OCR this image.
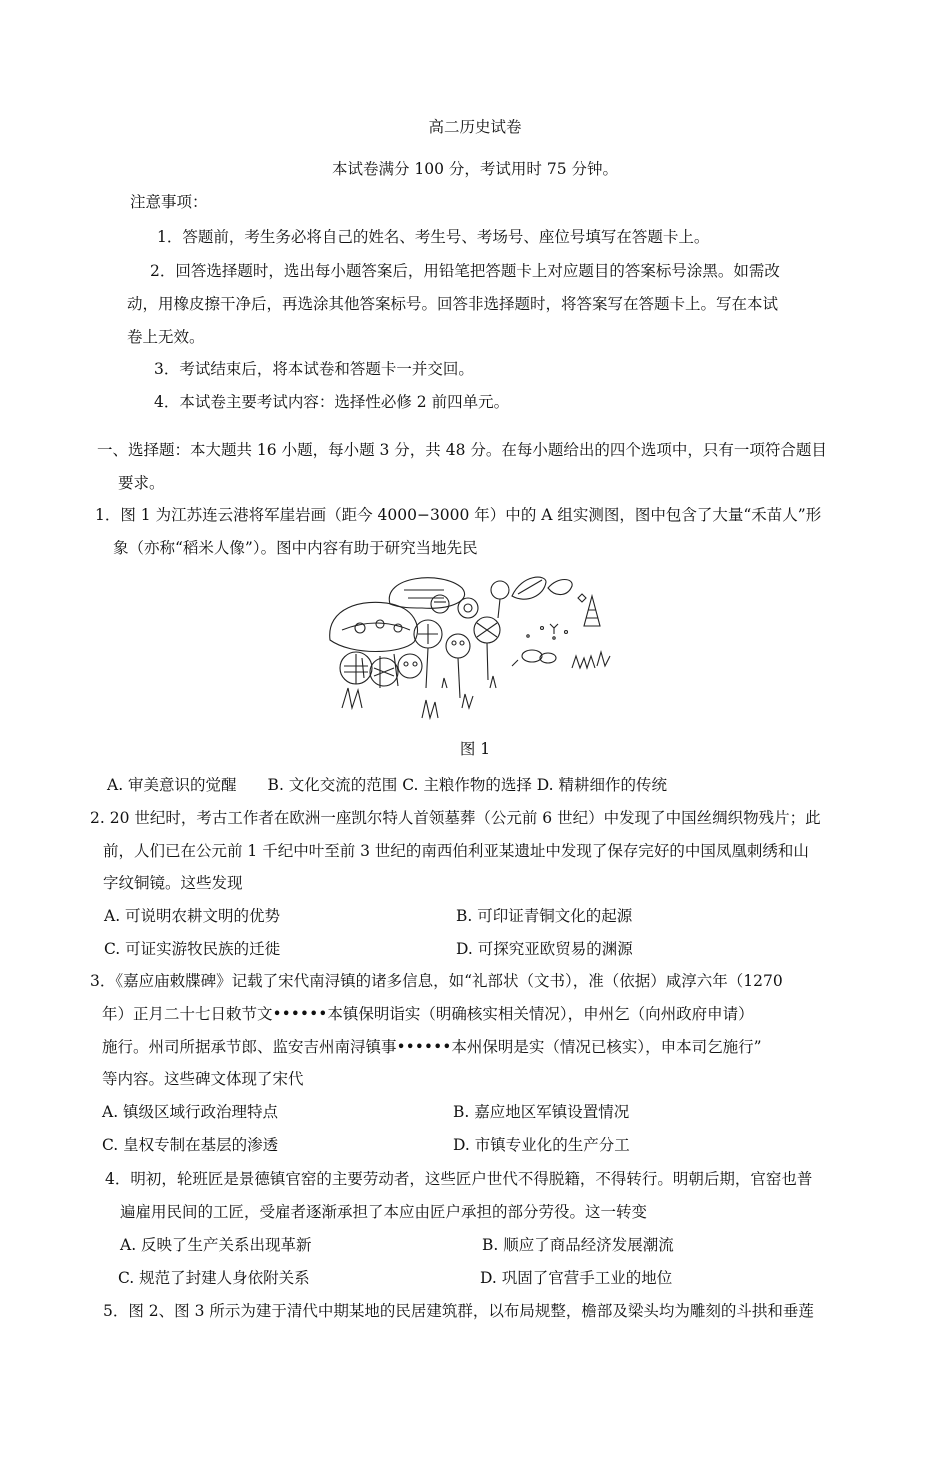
高二历史试卷
本试卷满分 100 分，考试用时 75 分钟。
注意事项：
1．答题前，考生务必将自己的姓名、考生号、考场号、座位号填写在答题卡上。
2．回答选择题时，选出每小题答案后，用铅笔把答题卡上对应题目的答案标号涂黑。如需改
动，用橡皮擦干净后，再选涂其他答案标号。回答非选择题时，将答案写在答题卡上。写在本试
卷上无效。
3．考试结束后，将本试卷和答题卡一并交回。
4．本试卷主要考试内容：选择性必修 2 前四单元。
一、选择题：本大题共 16 小题，每小题 3 分，共 48 分。在每小题给出的四个选项中，只有一项符合题目
要求。
1．图 1 为江苏连云港将军崖岩画（距今 4000−3000 年）中的 A 组实测图，图中包含了大量“禾苗人”形
象（亦称“稻米人像”）。图中内容有助于研究当地先民
图 1
A. 审美意识的觉醒　　B. 文化交流的范围 C. 主粮作物的选择 D. 精耕细作的传统
2. 20 世纪时，考古工作者在欧洲一座凯尔特人首领墓葬（公元前 6 世纪）中发现了中国丝绸织物残片；此
前，人们已在公元前 1 千纪中叶至前 3 世纪的南西伯利亚某遗址中发现了保存完好的中国凤凰刺绣和山
字纹铜镜。这些发现
A. 可说明农耕文明的优势	B. 可印证青铜文化的起源
C. 可证实游牧民族的迁徙	D. 可探究亚欧贸易的渊源
3．《嘉应庙敕牒碑》记载了宋代南浔镇的诸多信息，如“礼部状（文书），准（依据）咸淳六年（1270
年）正月二十七日敕节文••••••本镇保明诣实（明确核实相关情况），申州乞（向州政府申请）
施行。州司所据承节郎、监安吉州南浔镇事••••••本州保明是实（情况已核实），申本司乞施行”
等内容。这些碑文体现了宋代
A. 镇级区域行政治理特点	B. 嘉应地区军镇设置情况
C. 皇权专制在基层的渗透	D. 市镇专业化的生产分工
4．明初，轮班匠是景德镇官窑的主要劳动者，这些匠户世代不得脱籍，不得转行。明朝后期，官窑也普
遍雇用民间的工匠，受雇者逐渐承担了本应由匠户承担的部分劳役。这一转变
A. 反映了生产关系出现革新	B. 顺应了商品经济发展潮流
C. 规范了封建人身依附关系	D. 巩固了官营手工业的地位
5．图 2、图 3 所示为建于清代中期某地的民居建筑群，以布局规整，檐部及梁头均为雕刻的斗拱和垂莲
